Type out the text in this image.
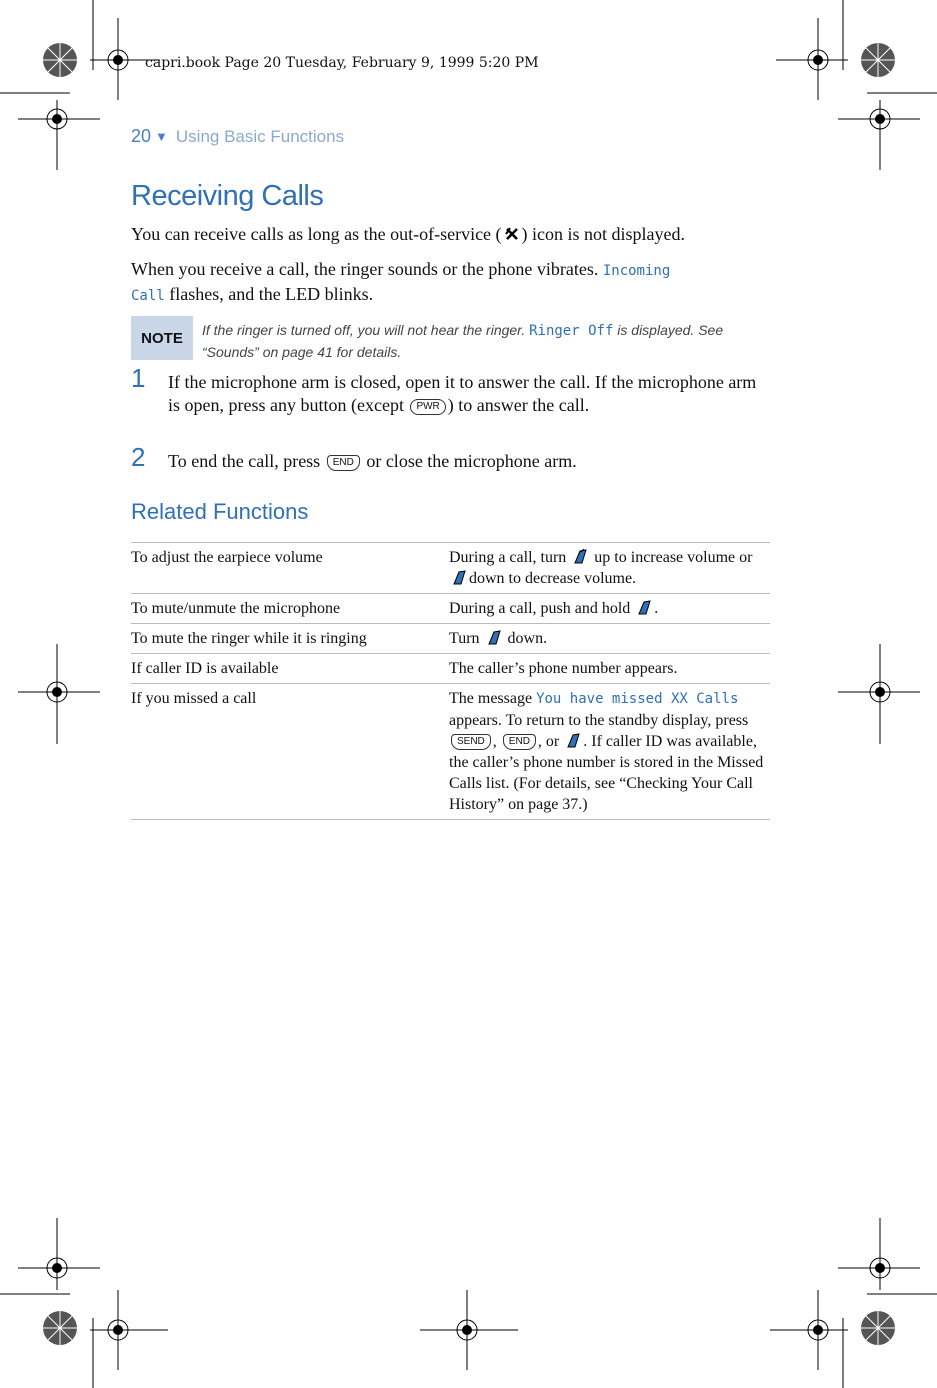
capri.book Page 20 Tuesday, February 9, 1999 5:20 PM
20 ▼ Using Basic Functions
Receiving Calls
You can receive calls as long as the out-of-service ( ) icon is not displayed.
When you receive a call, the ringer sounds or the phone vibrates. Incoming
Call flashes, and the LED blinks.
NOTE	If the ringer is turned off, you will not hear the ringer. Ringer Off is displayed. See “Sounds” on page 41 for details.
1 If the microphone arm is closed, open it to answer the call. If the microphone arm is open, press any button (except PWR ) to answer the call.
2 To end the call, press END or close the microphone arm.
Related Functions
To adjust the earpiece volume	During a call, turn  up to increase volume or down to decrease volume.
To mute/unmute the microphone	During a call, push and hold .
To mute the ringer while it is ringing	Turn  down.
If caller ID is available	The caller’s phone number appears.
If you missed a call	The message You have missed XX Calls appears. To return to the standby display, press SEND , END , or . If caller ID was available, the caller’s phone number is stored in the Missed Calls list. (For details, see “Checking Your Call History” on page 37.)
